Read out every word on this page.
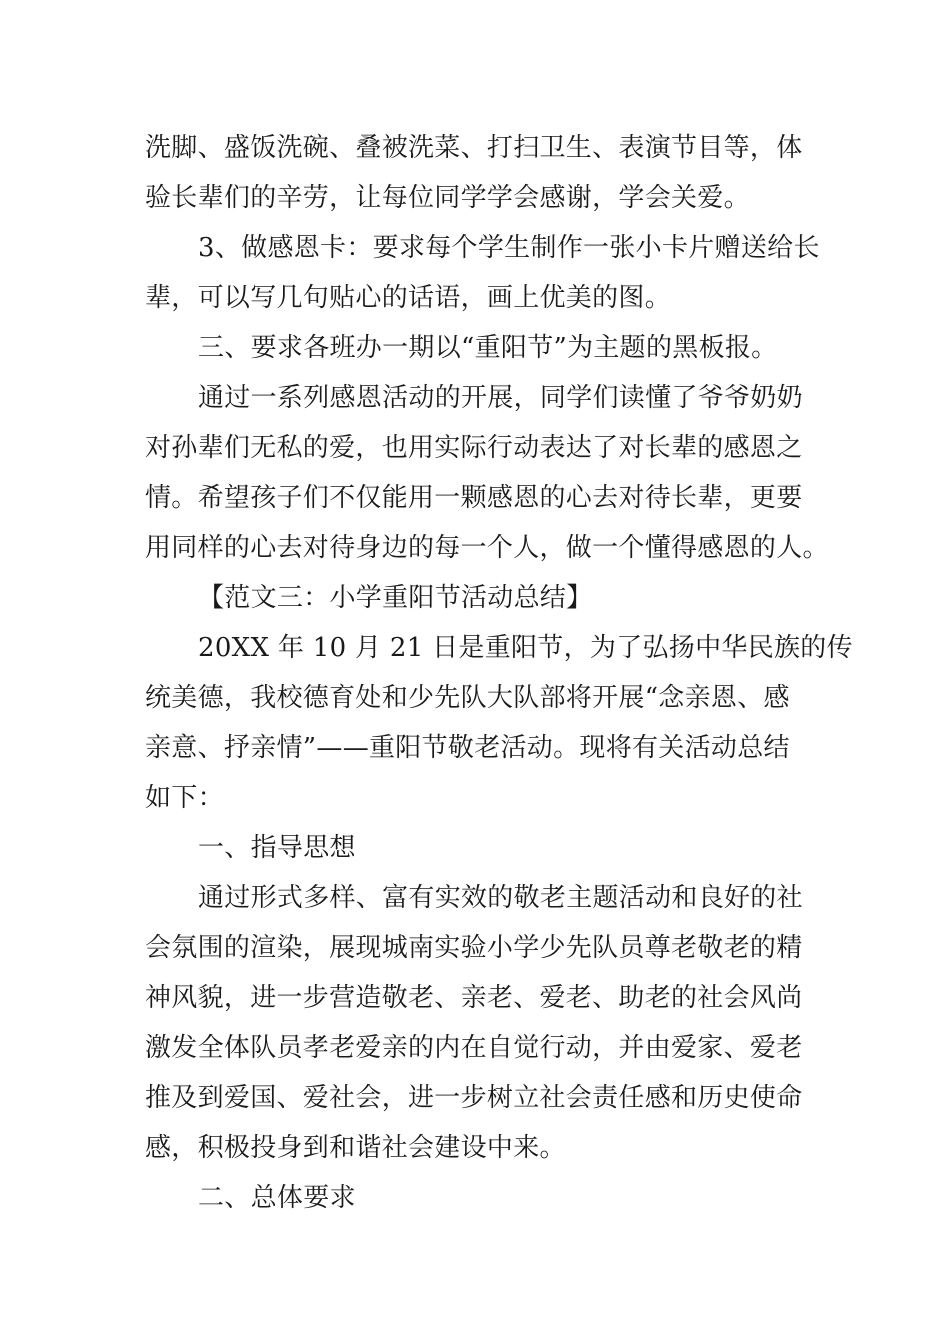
洗脚、盛饭洗碗、叠被洗菜、打扫卫生、表演节目等，体
验长辈们的辛劳，让每位同学学会感谢，学会关爱。
3、做感恩卡：要求每个学生制作一张小卡片赠送给长
辈，可以写几句贴心的话语，画上优美的图。
三、要求各班办一期以“重阳节”为主题的黑板报。
通过一系列感恩活动的开展，同学们读懂了爷爷奶奶
对孙辈们无私的爱，也用实际行动表达了对长辈的感恩之
情。希望孩子们不仅能用一颗感恩的心去对待长辈，更要
用同样的心去对待身边的每一个人，做一个懂得感恩的人。
【范文三：小学重阳节活动总结】
20XX 年 10 月 21 日是重阳节，为了弘扬中华民族的传
统美德，我校德育处和少先队大队部将开展“念亲恩、感
亲意、抒亲情”——重阳节敬老活动。现将有关活动总结
如下：
一、指导思想
通过形式多样、富有实效的敬老主题活动和良好的社
会氛围的渲染，展现城南实验小学少先队员尊老敬老的精
神风貌，进一步营造敬老、亲老、爱老、助老的社会风尚
激发全体队员孝老爱亲的内在自觉行动，并由爱家、爱老
推及到爱国、爱社会，进一步树立社会责任感和历史使命
感，积极投身到和谐社会建设中来。
二、总体要求
